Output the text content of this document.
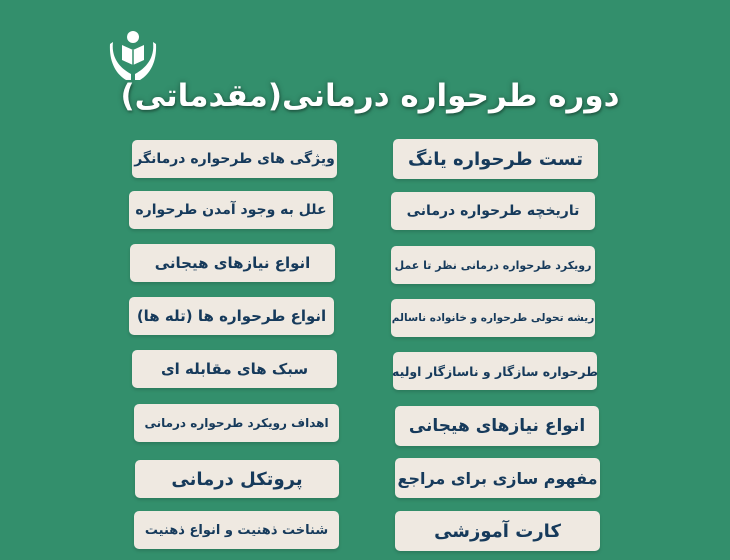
دوره طرحواره درمانی(مقدماتی)
ویژگی های طرحواره درمانگر
علل به وجود آمدن طرحواره
انواع نیازهای هیجانی
انواع طرحواره ها (تله ها)
سبک های مقابله ای
اهداف رویکرد طرحواره درمانی
پروتکل درمانی
شناخت ذهنیت و انواع ذهنیت
تست طرحواره یانگ
تاریخچه طرحواره درمانی
رویکرد طرحواره درمانی نظر تا عمل
ریشه تحولی طرحواره و خانواده ناسالم
طرحواره سازگار و ناسازگار اولیه
انواع نیازهای هیجانی
مفهوم سازی برای مراجع
کارت آموزشی
